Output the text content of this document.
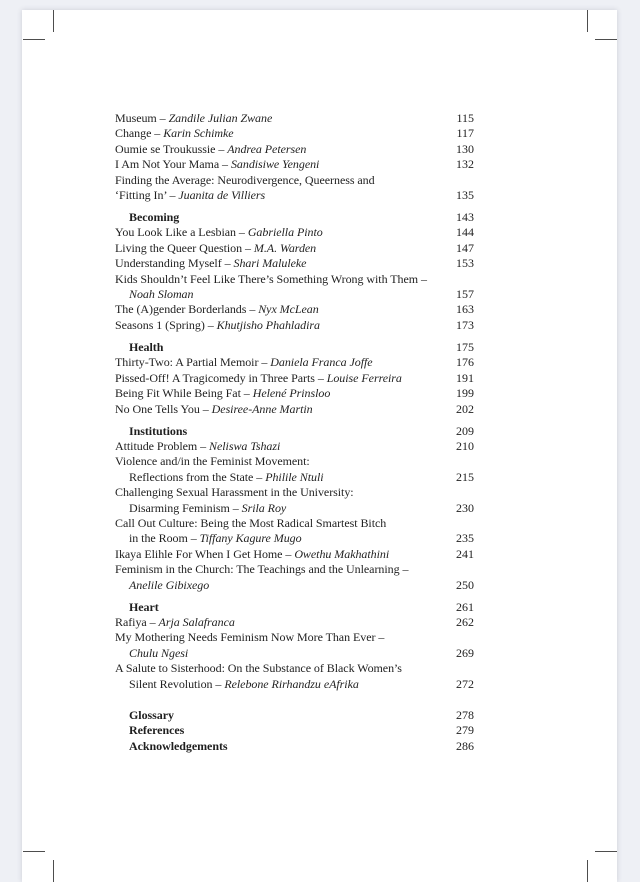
Museum – Zandile Julian Zwane	115
Change – Karin Schimke	117
Oumie se Troukussie – Andrea Petersen	130
I Am Not Your Mama – Sandisiwe Yengeni	132
Finding the Average: Neurodivergence, Queerness and
‘Fitting In’ – Juanita de Villiers	135
Becoming	143
You Look Like a Lesbian – Gabriella Pinto	144
Living the Queer Question – M.A. Warden	147
Understanding Myself – Shari Maluleke	153
Kids Shouldn’t Feel Like There’s Something Wrong with Them –
Noah Sloman	157
The (A)gender Borderlands – Nyx McLean	163
Seasons 1 (Spring) – Khutjisho Phahladira	173
Health	175
Thirty-Two: A Partial Memoir – Daniela Franca Joffe	176
Pissed-Off! A Tragicomedy in Three Parts – Louise Ferreira	191
Being Fit While Being Fat – Helené Prinsloo	199
No One Tells You – Desiree-Anne Martin	202
Institutions	209
Attitude Problem – Neliswa Tshazi	210
Violence and/in the Feminist Movement:
Reflections from the State – Philile Ntuli	215
Challenging Sexual Harassment in the University:
Disarming Feminism – Srila Roy	230
Call Out Culture: Being the Most Radical Smartest Bitch
in the Room – Tiffany Kagure Mugo	235
Ikaya Elihle For When I Get Home – Owethu Makhathini	241
Feminism in the Church: The Teachings and the Unlearning –
Anelile Gibixego	250
Heart	261
Rafiya – Arja Salafranca	262
My Mothering Needs Feminism Now More Than Ever –
Chulu Ngesi	269
A Salute to Sisterhood: On the Substance of Black Women’s
Silent Revolution – Relebone Rirhandzu eAfrika	272
Glossary	278
References	279
Acknowledgements	286
